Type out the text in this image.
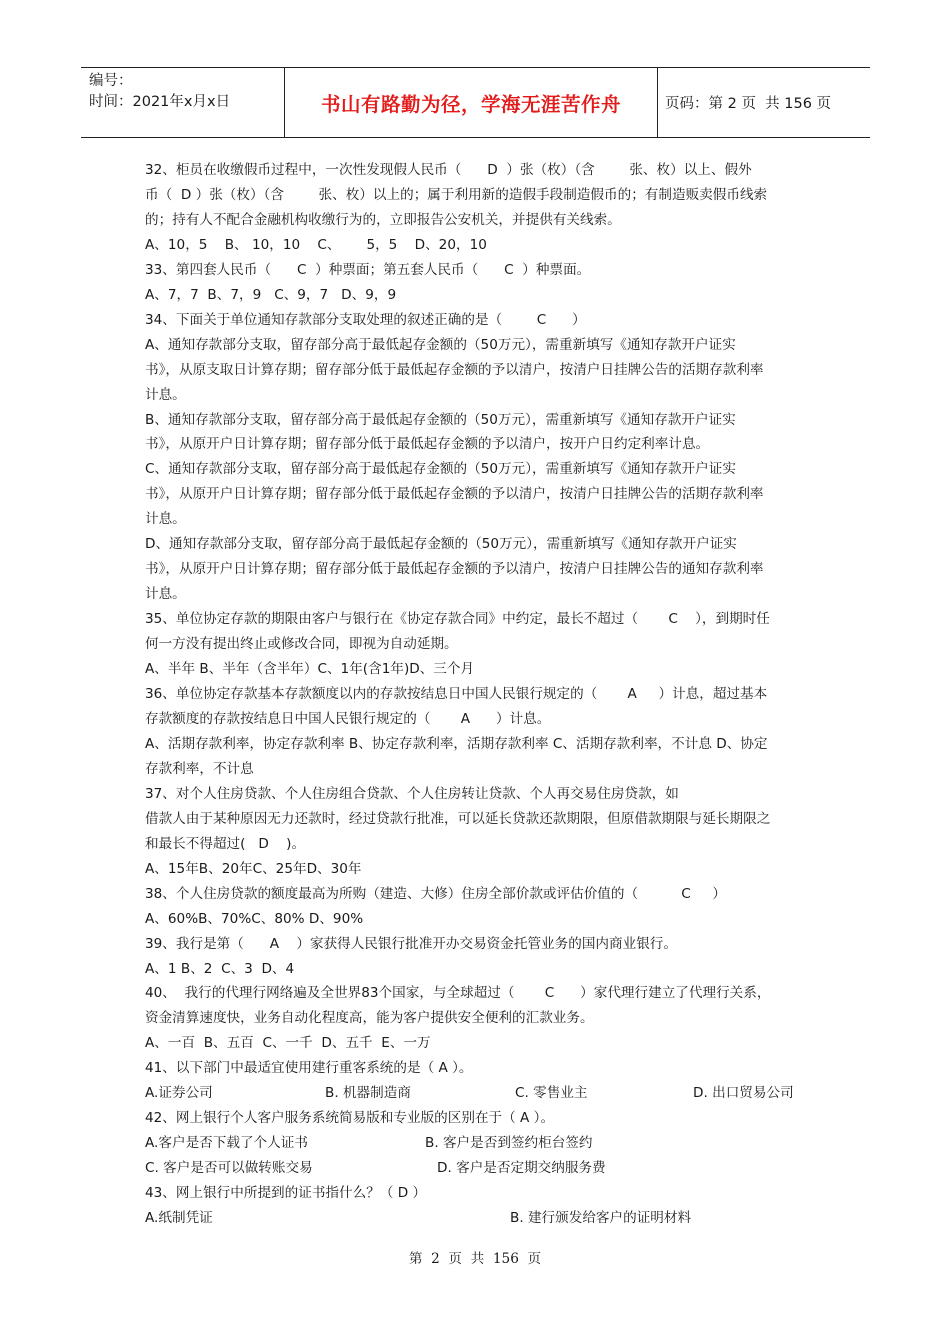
编号：
时间：2021年x月x日	书山有路勤为径，学海无涯苦作舟	页码：第 2 页  共 156 页

32、柜员在收缴假币过程中，一次性发现假人民币（      D  ）张（枚）（含        张、枚）以上、假外

币（  D ）张（枚）（含        张、枚）以上的；属于利用新的造假手段制造假币的；有制造贩卖假币线索

的；持有人不配合金融机构收缴行为的，立即报告公安机关，并提供有关线索。

A、10，5    B、 10，10    C、      5，5    D、20，10

33、第四套人民币（      C  ）种票面；第五套人民币（      C  ）种票面。

A、7，7  B、7，9   C、9，7   D、9，9

34、下面关于单位通知存款部分支取处理的叙述正确的是（        C      ）

A、通知存款部分支取，留存部分高于最低起存金额的（50万元），需重新填写《通知存款开户证实

书》，从原支取日计算存期；留存部分低于最低起存金额的予以清户，按清户日挂牌公告的活期存款利率

计息。

B、通知存款部分支取，留存部分高于最低起存金额的（50万元），需重新填写《通知存款开户证实

书》，从原开户日计算存期；留存部分低于最低起存金额的予以清户，按开户日约定利率计息。

C、通知存款部分支取，留存部分高于最低起存金额的（50万元），需重新填写《通知存款开户证实

书》，从原开户日计算存期；留存部分低于最低起存金额的予以清户，按清户日挂牌公告的活期存款利率

计息。

D、通知存款部分支取，留存部分高于最低起存金额的（50万元），需重新填写《通知存款开户证实

书》，从原开户日计算存期；留存部分低于最低起存金额的予以清户，按清户日挂牌公告的通知存款利率

计息。

35、单位协定存款的期限由客户与银行在《协定存款合同》中约定，最长不超过（       C    ），到期时任

何一方没有提出终止或修改合同，即视为自动延期。

A、半年 B、半年（含半年）C、1年(含1年)D、三个月

36、单位协定存款基本存款额度以内的存款按结息日中国人民银行规定的（       A     ）计息，超过基本

存款额度的存款按结息日中国人民银行规定的（       A      ）计息。

A、活期存款利率，协定存款利率 B、协定存款利率，活期存款利率 C、活期存款利率，不计息 D、协定

存款利率，不计息

37、对个人住房贷款、个人住房组合贷款、个人住房转让贷款、个人再交易住房贷款，如

借款人由于某种原因无力还款时，经过贷款行批准，可以延长贷款还款期限，但原借款期限与延长期限之

和最长不得超过(   D    )。

A、15年B、20年C、25年D、30年

38、个人住房贷款的额度最高为所购（建造、大修）住房全部价款或评估价值的（          C     ）

A、60%B、70%C、80% D、90%

39、我行是第（      A    ）家获得人民银行批准开办交易资金托管业务的国内商业银行。

A、1 B、2  C、3  D、4

40、  我行的代理行网络遍及全世界83个国家，与全球超过（       C      ）家代理行建立了代理行关系，

资金清算速度快，业务自动化程度高，能为客户提供安全便利的汇款业务。

A、一百  B、五百  C、一千  D、五千  E、一万

41、以下部门中最适宜使用建行重客系统的是（ A ）。

A.证券公司	B. 机器制造商	C. 零售业主	D. 出口贸易公司

42、网上银行个人客户服务系统简易版和专业版的区别在于（ A ）。

A.客户是否下载了个人证书	B. 客户是否到签约柜台签约
C. 客户是否可以做转账交易	D. 客户是否定期交纳服务费

43、网上银行中所提到的证书指什么？（ D ）

A.纸制凭证	B. 建行颁发给客户的证明材料
第  2  页  共  156  页
